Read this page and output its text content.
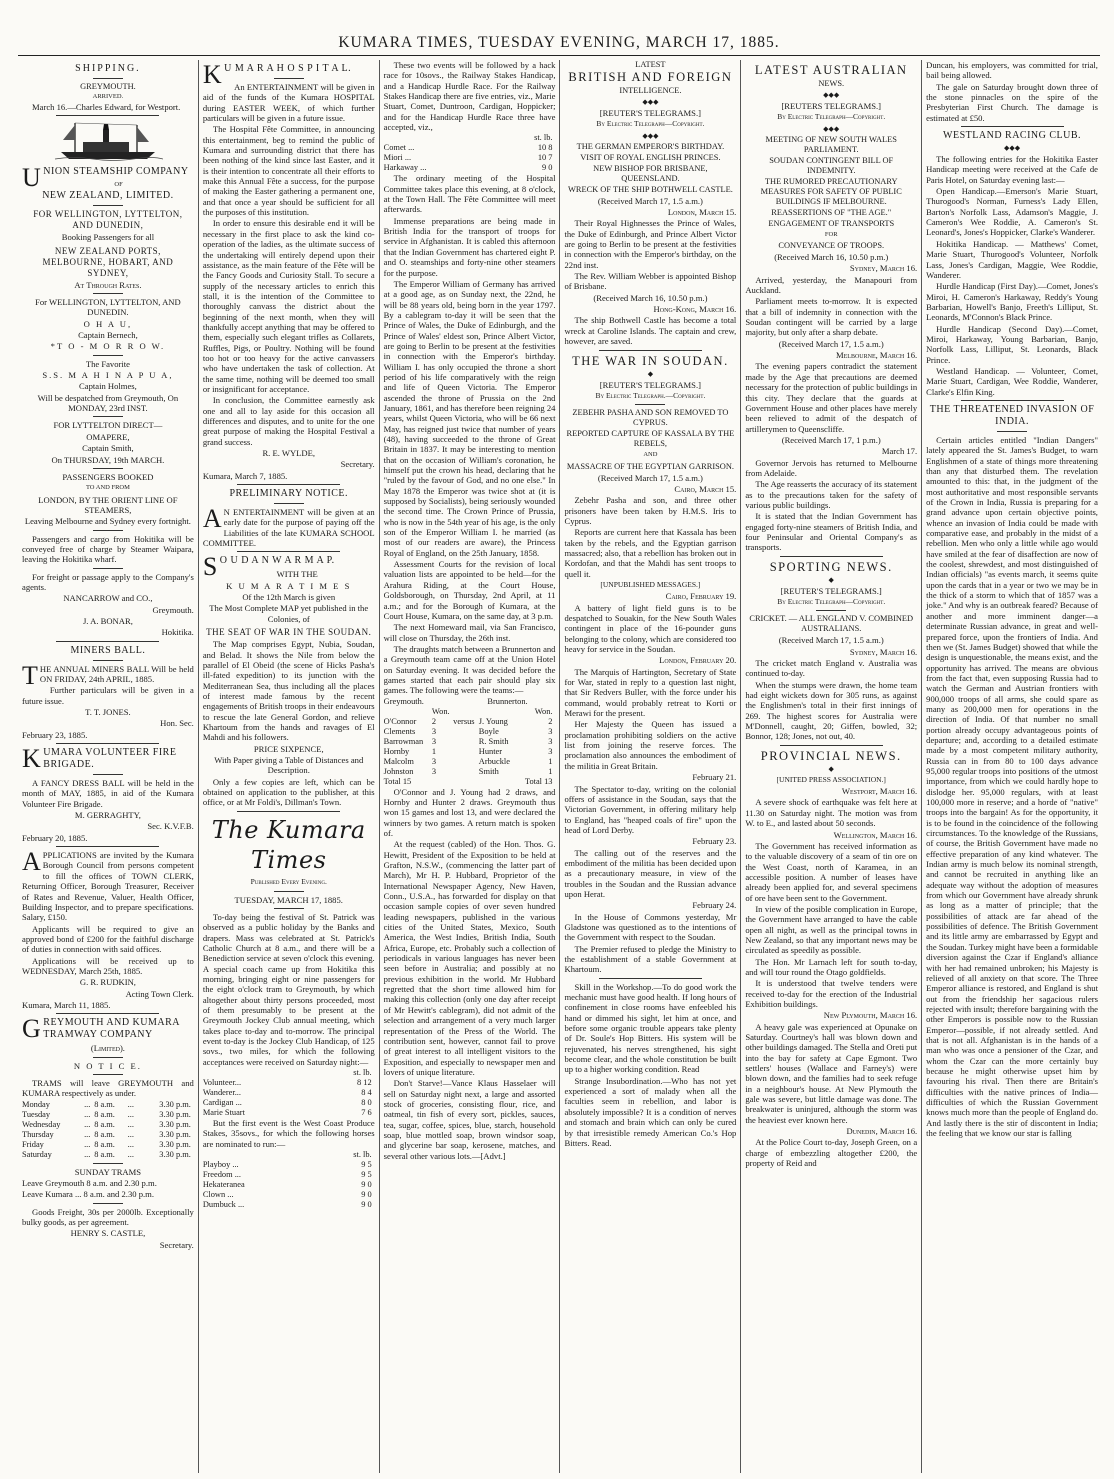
KUMARA TIMES, TUESDAY EVENING, MARCH 17, 1885.
SHIPPING.
GREYMOUTH.
ARRIVED.

March 16.—Charles Edward, for Westport.

UNION STEAMSHIP COMPANY
OF
NEW ZEALAND, LIMITED.

FOR WELLINGTON, LYTTELTON, AND DUNEDIN,

Booking Passengers for all

NEW ZEALAND PORTS, MELBOURNE, HOBART, AND SYDNEY,

At Through Rates.

For WELLINGTON, LYTTELTON, AND DUNEDIN.

O H A U,

Captain Bernech,

*T O - M O R R O W.

The Favorite

S.S. M A H I N A P U A,

Captain Holmes,

Will be despatched from Greymouth, On MONDAY, 23rd INST.

FOR LYTTELTON DIRECT—

OMAPERE,

Captain Smith,

On THURSDAY, 19th MARCH.

PASSENGERS BOOKED

TO AND FROM

LONDON, BY THE ORIENT LINE OF STEAMERS,

Leaving Melbourne and Sydney every fortnight.

Passengers and cargo from Hokitika will be conveyed free of charge by Steamer Waipara, leaving the Hokitika wharf.

For freight or passage apply to the Company's agents.

NANCARROW and CO.,

Greymouth.

J. A. BONAR,

Hokitika.

MINERS BALL.

THE ANNUAL MINERS BALL Will be held ON FRIDAY, 24th APRIL, 1885.

Further particulars will be given in a future issue.

T. T. JONES.

Hon. Sec.

February 23, 1885.

KUMARA VOLUNTEER FIRE BRIGADE.

A FANCY DRESS BALL will be held in the month of MAY, 1885, in aid of the Kumara Volunteer Fire Brigade.

M. GERRAGHTY,

Sec. K.V.F.B.

February 20, 1885.

APPLICATIONS are invited by the Kumara Borough Council from persons competent to fill the offices of TOWN CLERK, Returning Officer, Borough Treasurer, Receiver of Rates and Revenue, Valuer, Health Officer, Building Inspector, and to prepare specifications. Salary, £150.

Applicants will be required to give an approved bond of £200 for the faithful discharge of duties in connection with said offices.

Applications will be received up to WEDNESDAY, March 25th, 1885.

G. R. RUDKIN,

Acting Town Clerk.

Kumara, March 11, 1885.

GREYMOUTH AND KUMARA TRAMWAY COMPANY

(Limited).

N O T I C E.

TRAMS will leave GREYMOUTH and KUMARA respectively as under.

Monday	...	8 a.m.	...	3.30 p.m.
Tuesday	...	8 a.m.	...	3.30 p.m.
Wednesday	...	8 a.m.	...	3.30 p.m.
Thursday	...	8 a.m.	...	3.30 p.m.
Friday	...	8 a.m.	...	3.30 p.m.
Saturday	...	8 a.m.	...	3.30 p.m.

SUNDAY TRAMS

Leave Greymouth 8 a.m. and 2.30 p.m.

Leave Kumara ... 8 a.m. and 2.30 p.m.

Goods Freight, 30s per 2000lb. Exceptionally bulky goods, as per agreement.

HENRY S. CASTLE,

Secretary.

K U M A R A H O S P I T A L.

An ENTERTAINMENT will be given in aid of the funds of the Kumara HOSPITAL during EASTER WEEK, of which further particulars will be given in a future issue.

The Hospital Fête Committee, in announcing this entertainment, beg to remind the public of Kumara and surrounding district that there has been nothing of the kind since last Easter, and it is their intention to concentrate all their efforts to make this Annual Fête a success, for the purpose of making the Easter gathering a permanent one, and that once a year should be sufficient for all the purposes of this institution.

In order to ensure this desirable end it will be necessary in the first place to ask the kind co-operation of the ladies, as the ultimate success of the undertaking will entirely depend upon their assistance, as the main feature of the Fête will be the Fancy Goods and Curiosity Stall. To secure a supply of the necessary articles to enrich this stall, it is the intention of the Committee to thoroughly canvass the district about the beginning of the next month, when they will thankfully accept anything that may be offered to them, especially such elegant trifles as Collarets, Ruffles, Pigs, or Poultry. Nothing will be found too hot or too heavy for the active canvassers who have undertaken the task of collection. At the same time, nothing will be deemed too small or insignificant for acceptance.

In conclusion, the Committee earnestly ask one and all to lay aside for this occasion all differences and disputes, and to unite for the one great purpose of making the Hospital Festival a grand success.

R. E. WYLDE,

Secretary.

Kumara, March 7, 1885.

PRELIMINARY NOTICE.

A N ENTERTAINMENT will be given at an early date for the purpose of paying off the Liabilities of the late KUMARA SCHOOL COMMITTEE.

S O U D A N W A R M A P.

WITH THE

K U M A R A T I M E S

Of the 12th March is given

The Most Complete MAP yet published in the Colonies, of

THE SEAT OF WAR IN THE SOUDAN.

The Map comprises Egypt, Nubia, Soudan, and Belad. It shows the Nile from below the parallel of El Obeid (the scene of Hicks Pasha's ill-fated expedition) to its junction with the Mediterranean Sea, thus including all the places of interest made famous by the recent engagements of British troops in their endeavours to rescue the late General Gordon, and relieve Khartoum from the hands and ravages of El Mahdi and his followers.

PRICE SIXPENCE,

With Paper giving a Table of Distances and Description.

Only a few copies are left, which can be obtained on application to the publisher, at this office, or at Mr Foldi's, Dillman's Town.

The Kumara Times

Published Every Evening.

TUESDAY, MARCH 17, 1885.

To-day being the festival of St. Patrick was observed as a public holiday by the Banks and drapers. Mass was celebrated at St. Patrick's Catholic Church at 8 a.m., and there will be a Benediction service at seven o'clock this evening. A special coach came up from Hokitika this morning, bringing eight or nine passengers for the eight o'clock tram to Greymouth, by which altogether about thirty persons proceeded, most of them presumably to be present at the Greymouth Jockey Club annual meeting, which takes place to-day and to-morrow. The principal event to-day is the Jockey Club Handicap, of 125 sovs., two miles, for which the following acceptances were received on Saturday night:—

	st. lb.
Volunteer...	8 12
Wanderer...	8 4
Cardigan ...	8 0
Marie Stuart	7 6

But the first event is the West Coast Produce Stakes, 35sovs., for which the following horses are nominated to run:—

	st. lb.
Playboy ...	9 5
Freedom ...	9 5
Hekateranea	9 0
Clown ...	9 0
Dumbuck ...	9 0

These two events will be followed by a hack race for 10sovs., the Railway Stakes Handicap, and a Handicap Hurdle Race. For the Railway Stakes Handicap there are five entries, viz., Marie Stuart, Comet, Duntroon, Cardigan, Hoppicker; and for the Handicap Hurdle Race three have accepted, viz.,

	st. lb.
Comet ...	10 8
Miori ...	10 7
Harkaway ...	9 0

The ordinary meeting of the Hospital Committee takes place this evening, at 8 o'clock, at the Town Hall. The Fête Committee will meet afterwards.

Immense preparations are being made in British India for the transport of troops for service in Afghanistan. It is cabled this afternoon that the Indian Government has chartered eight P. and O. steamships and forty-nine other steamers for the purpose.

The Emperor William of Germany has arrived at a good age, as on Sunday next, the 22nd, he will be 88 years old, being born in the year 1797. By a cablegram to-day it will be seen that the Prince of Wales, the Duke of Edinburgh, and the Prince of Wales' eldest son, Prince Albert Victor, are going to Berlin to be present at the festivities in connection with the Emperor's birthday. William I. has only occupied the throne a short period of his life comparatively with the reign and life of Queen Victoria. The Emperor ascended the throne of Prussia on the 2nd January, 1861, and has therefore been reigning 24 years, whilst Queen Victoria, who will be 66 next May, has reigned just twice that number of years (48), having succeeded to the throne of Great Britain in 1837. It may be interesting to mention that on the occasion of William's coronation, he himself put the crown his head, declaring that he "ruled by the favour of God, and no one else." In May 1878 the Emperor was twice shot at (it is supposed by Socialists), being seriously wounded the second time. The Crown Prince of Prussia, who is now in the 54th year of his age, is the only son of the Emperor William I. he married (as most of our readers are aware), the Princess Royal of England, on the 25th January, 1858.

Assessment Courts for the revision of local valuation lists are appointed to be held—for the Arahura Riding, at the Court House, Goldsborough, on Thursday, 2nd April, at 11 a.m.; and for the Borough of Kumara, at the Court House, Kumara, on the same day, at 3 p.m.

The next Homeward mail, via San Francisco, will close on Thursday, the 26th inst.

The draughts match between a Brunnerton and a Greymouth team came off at the Union Hotel on Saturday evening. It was decided before the games started that each pair should play six games. The following were the teams:—

Greymouth.			Brunnerton.	
	Won.			Won.
O'Connor	2	versus	J. Young	2
Clements	3		Boyle	3
Barrowman	3		R. Smith	3
Hornby	1		Hunter	3
Malcolm	3		Arbuckle	1
Johnston	3		Smith	1
Total 15			Total 13	

O'Connor and J. Young had 2 draws, and Hornby and Hunter 2 draws. Greymouth thus won 15 games and lost 13, and were declared the winners by two games. A return match is spoken of.

At the request (cabled) of the Hon. Thos. G. Hewitt, President of the Exposition to be held at Grafton, N.S.W., (commencing the latter part of March), Mr H. P. Hubbard, Proprietor of the International Newspaper Agency, New Haven, Conn., U.S.A., has forwarded for display on that occasion sample copies of over seven hundred leading newspapers, published in the various cities of the United States, Mexico, South America, the West Indies, British India, South Africa, Europe, etc. Probably such a collection of periodicals in various languages has never been seen before in Australia; and possibly at no previous exhibition in the world. Mr Hubbard regretted that the short time allowed him for making this collection (only one day after receipt of Mr Hewitt's cablegram), did not admit of the selection and arrangement of a very much larger representation of the Press of the World. The contribution sent, however, cannot fail to prove of great interest to all intelligent visitors to the Exposition, and especially to newspaper men and lovers of unique literature.

Don't Starve!—Vance Klaus Hasselaer will sell on Saturday night next, a large and assorted stock of groceries, consisting flour, rice, and oatmeal, tin fish of every sort, pickles, sauces, tea, sugar, coffee, spices, blue, starch, household soap, blue mottled soap, brown windsor soap, and glycerine bar soap, kerosene, matches, and several other various lots.—[Advt.]

LATEST
BRITISH AND FOREIGN
INTELLIGENCE.
◆◆◆

[REUTER'S TELEGRAMS.]

By Electric Telegraph—Copyright.

◆◆◆

THE GERMAN EMPEROR'S BIRTHDAY.

VISIT OF ROYAL ENGLISH PRINCES.

NEW BISHOP FOR BRISBANE, QUEENSLAND.

WRECK OF THE SHIP BOTHWELL CASTLE.

(Received March 17, 1.5 a.m.)

London, March 15.

Their Royal Highnesses the Prince of Wales, the Duke of Edinburgh, and Prince Albert Victor are going to Berlin to be present at the festivities in connection with the Emperor's birthday, on the 22nd inst.

The Rev. William Webber is appointed Bishop of Brisbane.

(Received March 16, 10.50 p.m.)

Hong-Kong, March 16.

The ship Bothwell Castle has become a total wreck at Caroline Islands. The captain and crew, however, are saved.

THE WAR IN SOUDAN.
◆

[REUTER'S TELEGRAMS.]

By Electric Telegraph.—Copyright.

ZEBEHR PASHA AND SON REMOVED TO CYPRUS.

REPORTED CAPTURE OF KASSALA BY THE REBELS,

AND

MASSACRE OF THE EGYPTIAN GARRISON.

(Received March 17, 1.5 a.m.)

Cairo, March 15.

Zebehr Pasha and son, and three other prisoners have been taken by H.M.S. Iris to Cyprus.

Reports are current here that Kassala has been taken by the rebels, and the Egyptian garrison massacred; also, that a rebellion has broken out in Kordofan, and that the Mahdi has sent troops to quell it.

[UNPUBLISHED MESSAGES.]

Cairo, February 19.

A battery of light field guns is to be despatched to Souakin, for the New South Wales contingent in place of the 16-pounder guns belonging to the colony, which are considered too heavy for service in the Soudan.

London, February 20.

The Marquis of Hartington, Secretary of State for War, stated in reply to a question last night, that Sir Redvers Buller, with the force under his command, would probably retreat to Korti or Merawi for the present.

Her Majesty the Queen has issued a proclamation prohibiting soldiers on the active list from joining the reserve forces. The proclamation also announces the embodiment of the militia in Great Britain.

February 21.

The Spectator to-day, writing on the colonial offers of assistance in the Soudan, says that the Victorian Government, in offering military help to England, has "heaped coals of fire" upon the head of Lord Derby.

February 23.

The calling out of the reserves and the embodiment of the militia has been decided upon as a precautionary measure, in view of the troubles in the Soudan and the Russian advance upon Herat.

February 24.

In the House of Commons yesterday, Mr Gladstone was questioned as to the intentions of the Government with respect to the Soudan.

The Premier refused to pledge the Ministry to the establishment of a stable Government at Khartoum.

Skill in the Workshop.—To do good work the mechanic must have good health. If long hours of confinement in close rooms have enfeebled his hand or dimmed his sight, let him at once, and before some organic trouble appears take plenty of Dr. Soule's Hop Bitters. His system will be rejuvenated, his nerves strengthened, his sight become clear, and the whole constitution be built up to a higher working condition. Read

Strange Insubordination.—Who has not yet experienced a sort of malady when all the faculties seem in rebellion, and labor is absolutely impossible? It is a condition of nerves and stomach and brain which can only be cured by that irresistible remedy American Co.'s Hop Bitters. Read.

LATEST AUSTRALIAN
NEWS.
◆◆◆

[REUTERS TELEGRAMS.]

By Electric Telegraph—Copyright.

◆◆◆

MEETING OF NEW SOUTH WALES PARLIAMENT.

SOUDAN CONTINGENT BILL OF INDEMNITY.

THE RUMORED PRECAUTIONARY MEASURES FOR SAFETY OF PUBLIC BUILDINGS IF MELBOURNE.

REASSERTIONS OF "THE AGE."

ENGAGEMENT OF TRANSPORTS

FOR

CONVEYANCE OF TROOPS.

(Received March 16, 10.50 p.m.)

Sydney, March 16.

Arrived, yesterday, the Manapouri from Auckland.

Parliament meets to-morrow. It is expected that a bill of indemnity in connection with the Soudan contingent will be carried by a large majority, but only after a sharp debate.

(Received March 17, 1.5 a.m.)

Melbourne, March 16.

The evening papers contradict the statement made by the Age that precautions are deemed necessary for the protection of public buildings in this city. They declare that the guards at Government House and other places have merely been relieved to admit of the despatch of artillerymen to Queenscliffe.

(Received March 17, 1 p.m.)

March 17.

Governor Jervois has returned to Melbourne from Adelaide.

The Age reasserts the accuracy of its statement as to the precautions taken for the safety of various public buildings.

It is stated that the Indian Government has engaged forty-nine steamers of British India, and four Peninsular and Oriental Company's as transports.

SPORTING NEWS.
◆

[REUTER'S TELEGRAMS.]

By Electric Telegraph—Copyright.

CRICKET. — ALL ENGLAND V. COMBINED AUSTRALIANS.

(Received March 17, 1.5 a.m.)

Sydney, March 16.

The cricket match England v. Australia was continued to-day.

When the stumps were drawn, the home team had eight wickets down for 305 runs, as against the Englishmen's total in their first innings of 269. The highest scores for Australia were M'Donnell, caught, 20; Giffen, bowled, 32; Bonnor, 128; Jones, not out, 40.

PROVINCIAL NEWS.
◆

[UNITED PRESS ASSOCIATION.]

Westport, March 16.

A severe shock of earthquake was felt here at 11.30 on Saturday night. The motion was from W. to E., and lasted about 50 seconds.

Wellington, March 16.

The Government has received information as to the valuable discovery of a seam of tin ore on the West Coast, north of Karamea, in an accessible position. A number of leases have already been applied for, and several specimens of ore have been sent to the Government.

In view of the posible complication in Europe, the Government have arranged to have the cable open all night, as well as the principal towns in New Zealand, so that any important news may be circulated as speedily as possible.

The Hon. Mr Larnach left for south to-day, and will tour round the Otago goldfields.

It is understood that twelve tenders were received to-day for the erection of the Industrial Exhibition buildings.

New Plymouth, March 16.

A heavy gale was experienced at Opunake on Saturday. Courtney's hall was blown down and other buildings damaged. The Stella and Oreti put into the bay for safety at Cape Egmont. Two settlers' houses (Wallace and Farney's) were blown down, and the families had to seek refuge in a neighbour's house. At New Plymouth the gale was severe, but little damage was done. The breakwater is uninjured, although the storm was the heaviest ever known here.

Dunedin, March 16.

At the Police Court to-day, Joseph Green, on a charge of embezzling altogether £200, the property of Reid and

Duncan, his employers, was committed for trial, bail being allowed.

The gale on Saturday brought down three of the stone pinnacles on the spire of the Presbyterian First Church. The damage is estimated at £50.

WESTLAND RACING CLUB.
◆◆◆

The following entries for the Hokitika Easter Handicap meeting were received at the Cafe de Paris Hotel, on Saturday evening last:—

Open Handicap.—Emerson's Marie Stuart, Thurogood's Norman, Furness's Lady Ellen, Barton's Norfolk Lass, Adamson's Maggie, J. Cameron's Wee Roddie, A. Cameron's St. Leonard's, Jones's Hoppicker, Clarke's Wanderer.

Hokitika Handicap. — Matthews' Comet, Marie Stuart, Thurogood's Volunteer, Norfolk Lass, Jones's Cardigan, Maggie, Wee Roddie, Wanderer.

Hurdle Handicap (First Day).—Comet, Jones's Miroi, H. Cameron's Harkaway, Reddy's Young Barbarian, Howell's Banjo, Freeth's Lilliput, St. Leonards, M'Connon's Black Prince.

Hurdle Handicap (Second Day).—Comet, Miroi, Harkaway, Young Barbarian, Banjo, Norfolk Lass, Lilliput, St. Leonards, Black Prince.

Westland Handicap. — Volunteer, Comet, Marie Stuart, Cardigan, Wee Roddie, Wanderer, Clarke's Elfin King.

THE THREATENED INVASION OF INDIA.

Certain articles entitled "Indian Dangers" lately appeared the St. James's Budget, to warn Englishmen of a state of things more threatening than any that disturbed them. The revelation amounted to this: that, in the judgment of the most authoritative and most responsible servants of the Crown in India, Russia is preparing for a grand advance upon certain objective points, whence an invasion of India could be made with comparative ease, and probably in the midst of a rebellion. Men who only a little while ago would have smiled at the fear of disaffection are now of the coolest, shrewdest, and most distinguished of Indian officials) "as events march, it seems quite upon the cards that in a year or two we may be in the thick of a storm to which that of 1857 was a joke." And why is an outbreak feared? Because of another and more imminent danger—a determinate Russian advance, in great and well-prepared force, upon the frontiers of India. And then we (St. James Budget) showed that while the design is unquestionable, the means exist, and the opportunity has arrived. The means are obvious from the fact that, even supposing Russia had to watch the German and Austrian frontiers with 900,000 troops of all arms, she could spare as many as 200,000 men for operations in the direction of India. Of that number no small portion already occupy advantageous points of departure; and, according to a detailed estimate made by a most competent military authority, Russia can in from 80 to 100 days advance 95,000 regular troops into positions of the utmost importance, from which we could hardly hope to dislodge her. 95,000 regulars, with at least 100,000 more in reserve; and a horde of "native" troops into the bargain! As for the opportunity, it is to be found in the coincidence of the following circumstances. To the knowledge of the Russians, of course, the British Government have made no effective preparation of any kind whatever. The Indian army is much below its nominal strength, and cannot be recruited in anything like an adequate way without the adoption of measures from which our Government have already shrunk as long as a matter of principle; that the possibilities of attack are far ahead of the possibilities of defence. The British Government and its little army are embarrassed by Egypt and the Soudan. Turkey might have been a formidable diversion against the Czar if England's alliance with her had remained unbroken; his Majesty is relieved of all anxiety on that score. The Three Emperor alliance is restored, and England is shut out from the friendship her sagacious rulers rejected with insult; therefore bargaining with the other Emperors is possible now to the Russian Emperor—possible, if not already settled. And that is not all. Afghanistan is in the hands of a man who was once a pensioner of the Czar, and whom the Czar can the more certainly buy because he might otherwise upset him by favouring his rival. Then there are Britain's difficulties with the native princes of India—difficulties of which the Russian Government knows much more than the people of England do. And lastly there is the stir of discontent in India; the feeling that we know our star is falling
